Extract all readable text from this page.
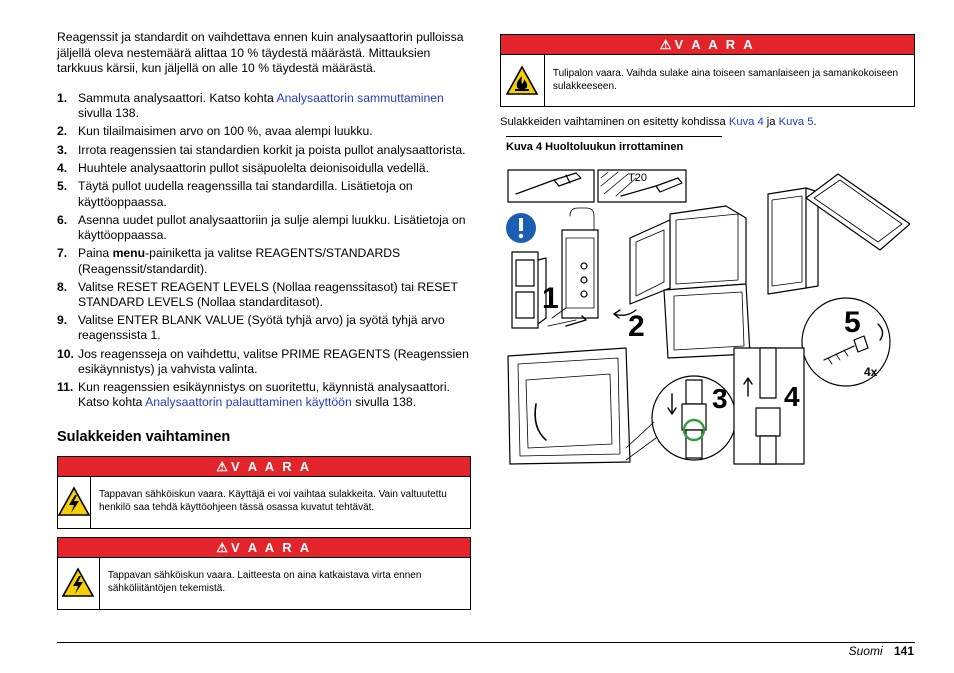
Reagenssit ja standardit on vaihdettava ennen kuin analysaattorin pulloissa jäljellä oleva nestemäärä alittaa 10 % täydestä määrästä. Mittauksien tarkkuus kärsii, kun jäljellä on alle 10 % täydestä määrästä.

1. Sammuta analysaattori. Katso kohta Analysaattorin sammuttaminen sivulla 138.
2. Kun tilailmaisimen arvo on 100 %, avaa alempi luukku.
3. Irrota reagenssien tai standardien korkit ja poista pullot analysaattorista.
4. Huuhtele analysaattorin pullot sisäpuolelta deionisoidulla vedellä.
5. Täytä pullot uudella reagenssilla tai standardilla. Lisätietoja on käyttöoppaassa.
6. Asenna uudet pullot analysaattoriin ja sulje alempi luukku. Lisätietoja on käyttöoppaassa.
7. Paina menu-painiketta ja valitse REAGENTS/STANDARDS (Reagenssit/standardit).
8. Valitse RESET REAGENT LEVELS (Nollaa reagenssitasot) tai RESET STANDARD LEVELS (Nollaa standarditasot).
9. Valitse ENTER BLANK VALUE (Syötä tyhjä arvo) ja syötä tyhjä arvo reagenssista 1.
10. Jos reagensseja on vaihdettu, valitse PRIME REAGENTS (Reagenssien esikäynnistys) ja vahvista valinta.
11. Kun reagenssien esikäynnistys on suoritettu, käynnistä analysaattori. Katso kohta Analysaattorin palauttaminen käyttöön sivulla 138.
Sulakkeiden vaihtaminen
⚠ V A A R A
Tappavan sähköiskun vaara. Käyttäjä ei voi vaihtaa sulakkeita. Vain valtuutettu henkilö saa tehdä käyttöohjeen tässä osassa kuvatut tehtävät.
⚠ V A A R A
Tappavan sähköiskun vaara. Laitteesta on aina katkaistava virta ennen sähköliitäntöjen tekemistä.
⚠ V A A R A
Tulipalon vaara. Vaihda sulake aina toiseen samanlaiseen ja samankokoiseen sulakkeeseen.

Sulakkeiden vaihtaminen on esitetty kohdissa Kuva 4 ja Kuva 5.

Kuva 4 Huoltoluukun irrottaminen
T20
1
2	5
4x
3 4
Suomi 141
